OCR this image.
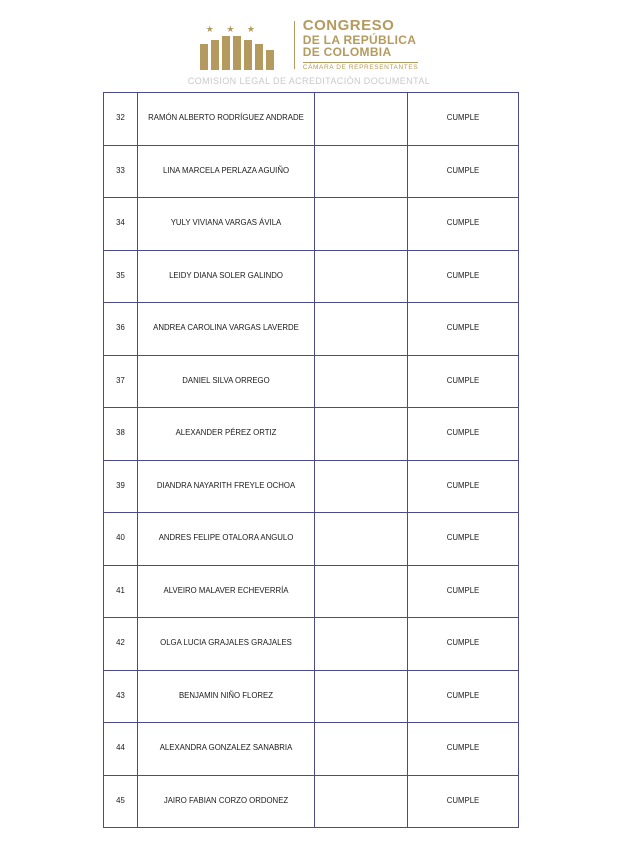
★ ★ ★	CONGRESO
DE LA REPÚBLICA
DE COLOMBIA
CÁMARA DE REPRESENTANTES
COMISION LEGAL DE ACREDITACIÓN DOCUMENTAL
32	RAMÓN ALBERTO RODRÍGUEZ ANDRADE		CUMPLE
33	LINA MARCELA PERLAZA AGUIÑO		CUMPLE
34	YULY VIVIANA VARGAS ÁVILA		CUMPLE
35	LEIDY DIANA SOLER GALINDO		CUMPLE
36	ANDREA CAROLINA VARGAS LAVERDE		CUMPLE
37	DANIEL SILVA ORREGO		CUMPLE
38	ALEXANDER PÉREZ ORTIZ		CUMPLE
39	DIANDRA NAYARITH FREYLE OCHOA		CUMPLE
40	ANDRES FELIPE OTALORA ANGULO		CUMPLE
41	ALVEIRO MALAVER ECHEVERRÍA		CUMPLE
42	OLGA LUCIA GRAJALES GRAJALES		CUMPLE
43	BENJAMIN NIÑO FLOREZ		CUMPLE
44	ALEXANDRA GONZALEZ SANABRIA		CUMPLE
45	JAIRO FABIAN CORZO ORDONEZ		CUMPLE
